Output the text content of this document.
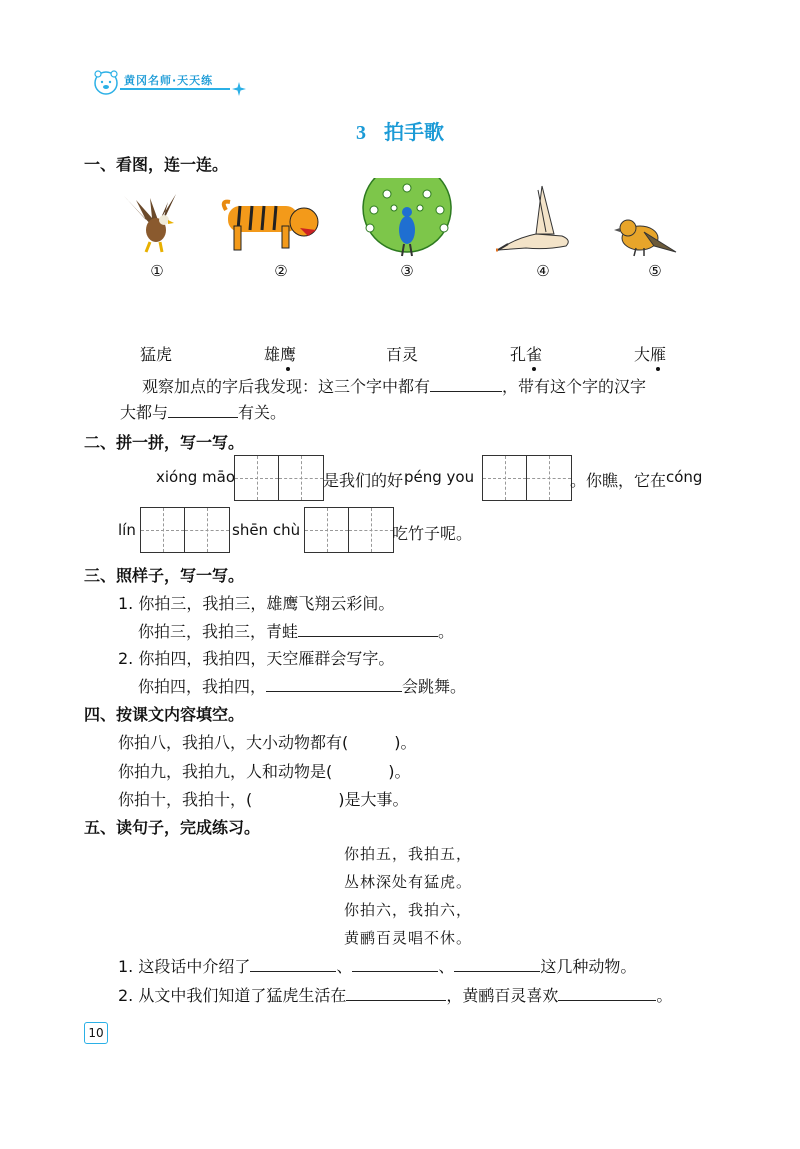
黄冈名师·天天练
3 拍手歌
一、看图，连一连。
①	②	③	④	⑤
猛虎	雄鹰	百灵	孔雀	大雁
观察加点的字后我发现：这三个字中都有	，带有这个字的汉字
大都与	有关。
二、拼一拼，写一写。
xióng māo	是我们的好 péng you	。你瞧，它在 cóng
lín	shēn chù	吃竹子呢。
三、照样子，写一写。
1. 你拍三，我拍三，雄鹰飞翔云彩间。
你拍三，我拍三，青蛙	。
2. 你拍四，我拍四，天空雁群会写字。
你拍四，我拍四，	会跳舞。
四、按课文内容填空。
你拍八，我拍八，大小动物都有(	)。
你拍九，我拍九，人和动物是(	)。
你拍十，我拍十，(	)是大事。
五、读句子，完成练习。
你拍五，我拍五，
丛林深处有猛虎。
你拍六，我拍六，
黄鹂百灵唱不休。
1. 这段话中介绍了	、	、	这几种动物。
2. 从文中我们知道了猛虎生活在	，黄鹂百灵喜欢	。
10
